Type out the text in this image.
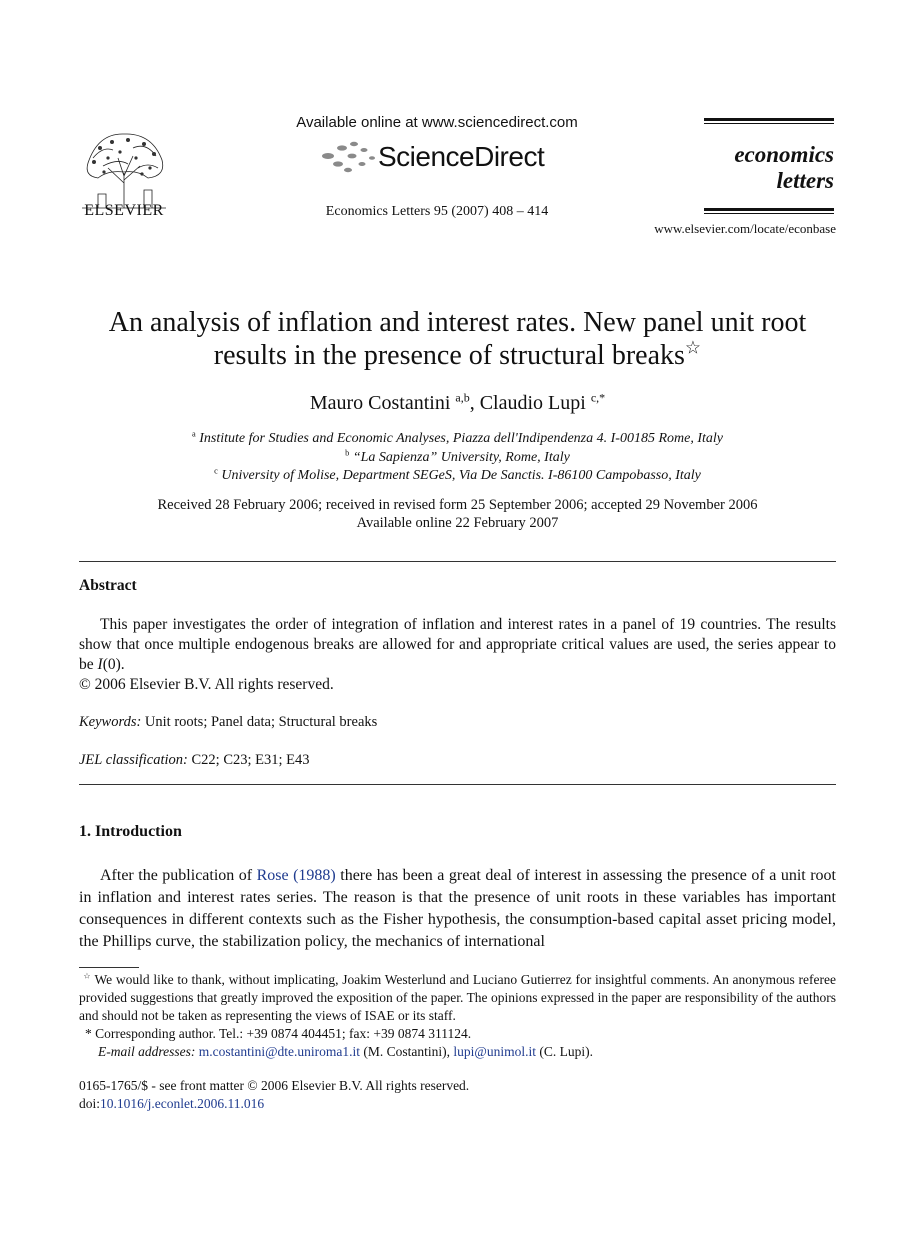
ELSEVIER
Available online at www.sciencedirect.com
ScienceDirect
Economics Letters 95 (2007) 408 – 414
economics
letters
www.elsevier.com/locate/econbase
An analysis of inflation and interest rates. New panel unit root
results in the presence of structural breaks☆
Mauro Costantini $^{a,b}$, Claudio Lupi $^{c,*}$
$^a$ Institute for Studies and Economic Analyses, Piazza dell'Indipendenza 4. I-00185 Rome, Italy
$^b$ “La Sapienza” University, Rome, Italy
$^c$ University of Molise, Department SEGeS, Via De Sanctis. I-86100 Campobasso, Italy
Received 28 February 2006; received in revised form 25 September 2006; accepted 29 November 2006
Available online 22 February 2007
Abstract
This paper investigates the order of integration of inflation and interest rates in a panel of 19 countries. The results show that once multiple endogenous breaks are allowed for and appropriate critical values are used, the series appear to be I(0).
© 2006 Elsevier B.V. All rights reserved.
Keywords: Unit roots; Panel data; Structural breaks
JEL classification: C22; C23; E31; E43
1. Introduction
After the publication of Rose (1988) there has been a great deal of interest in assessing the presence of a unit root in inflation and interest rates series. The reason is that the presence of unit roots in these variables has important consequences in different contexts such as the Fisher hypothesis, the consumption-based capital asset pricing model, the Phillips curve, the stabilization policy, the mechanics of international
☆ We would like to thank, without implicating, Joakim Westerlund and Luciano Gutierrez for insightful comments. An anonymous referee provided suggestions that greatly improved the exposition of the paper. The opinions expressed in the paper are responsibility of the authors and should not be taken as representing the views of ISAE or its staff.
* Corresponding author. Tel.: +39 0874 404451; fax: +39 0874 311124.
E-mail addresses: m.costantini@dte.uniroma1.it (M. Costantini), lupi@unimol.it (C. Lupi).
0165-1765/$ - see front matter © 2006 Elsevier B.V. All rights reserved.
doi:10.1016/j.econlet.2006.11.016
